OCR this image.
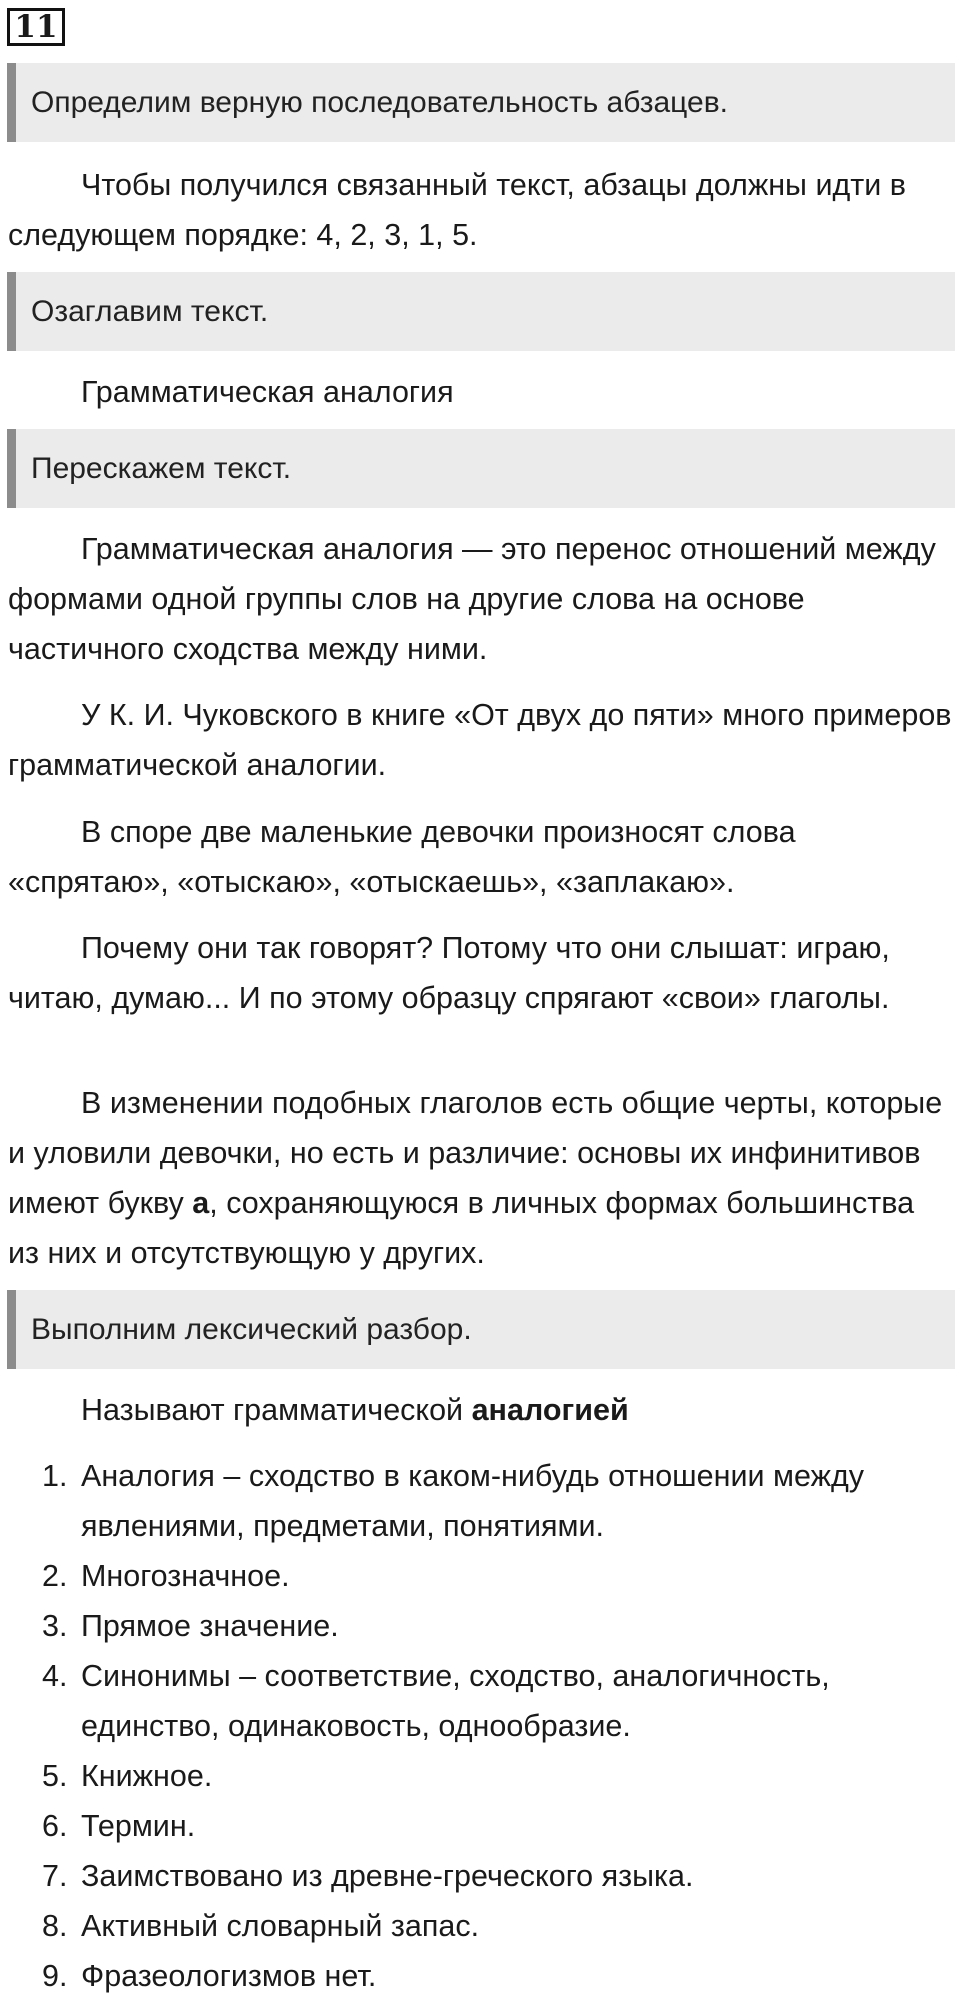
11
Определим верную последовательность абзацев.

Чтобы получился связанный текст, абзацы должны идти в следующем порядке: 4, 2, 3, 1, 5.

Озаглавим текст.

Грамматическая аналогия

Перескажем текст.

Грамматическая аналогия — это перенос отношений между формами одной группы слов на другие слова на основе частичного сходства между ними.

У К. И. Чуковского в книге «От двух до пяти» много примеров грамматической аналогии.

В споре две маленькие девочки произносят слова «спрятаю», «отыскаю», «отыскаешь», «заплакаю».

Почему они так говорят? Потому что они слышат: играю, читаю, думаю... И по этому образцу спрягают «свои» глаголы.

В изменении подобных глаголов есть общие черты, которые и уловили девочки, но есть и различие: основы их инфинитивов имеют букву а, сохраняющуюся в личных формах большинства из них и отсутствующую у других.

Выполним лексический разбор.

Называют грамматической аналогией

1. Аналогия – сходство в каком-нибудь отношении между явлениями, предметами, понятиями.
2. Многозначное.
3. Прямое значение.
4. Синонимы – соответствие, сходство, аналогичность, единство, одинаковость, однообразие.
5. Книжное.
6. Термин.
7. Заимствовано из древне-греческого языка.
8. Активный словарный запас.
9. Фразеологизмов нет.
